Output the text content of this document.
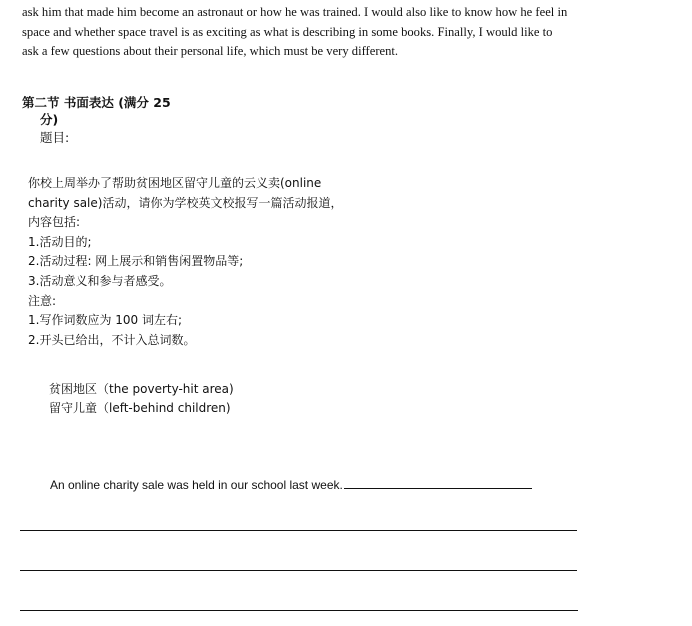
ask him that made him become an astronaut or how he was trained. I would also like to know how he feel in
space and whether space travel is as exciting as what is describing in some books. Finally, I would like to
ask a few questions about their personal life, which must be very different.
第二节 书面表达 (满分 25
分)
题目:
你校上周举办了帮助贫困地区留守儿童的云义卖(online
charity sale)活动，请你为学校英文校报写一篇活动报道，
内容包括:
1.活动目的;
2.活动过程: 网上展示和销售闲置物品等;
3.活动意义和参与者感受。
注意:
1.写作词数应为 100 词左右;
2.开头已给出，不计入总词数。
贫困地区（the poverty-hit area)
留守儿童（left-behind children)
An online charity sale was held in our school last week.
